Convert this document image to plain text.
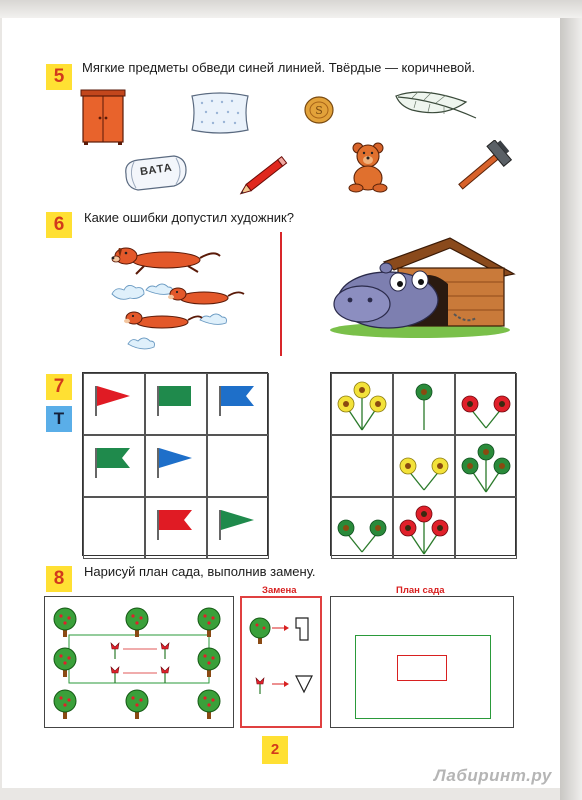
5	Мягкие предметы обведи синей линией. Твёрдые — коричневой.
S
ВАТА
6	Какие ошибки допустил художник?
7
Т
8	Нарисуй план сада, выполнив замену.
Замена	План сада
2
Лабиринт.ру
